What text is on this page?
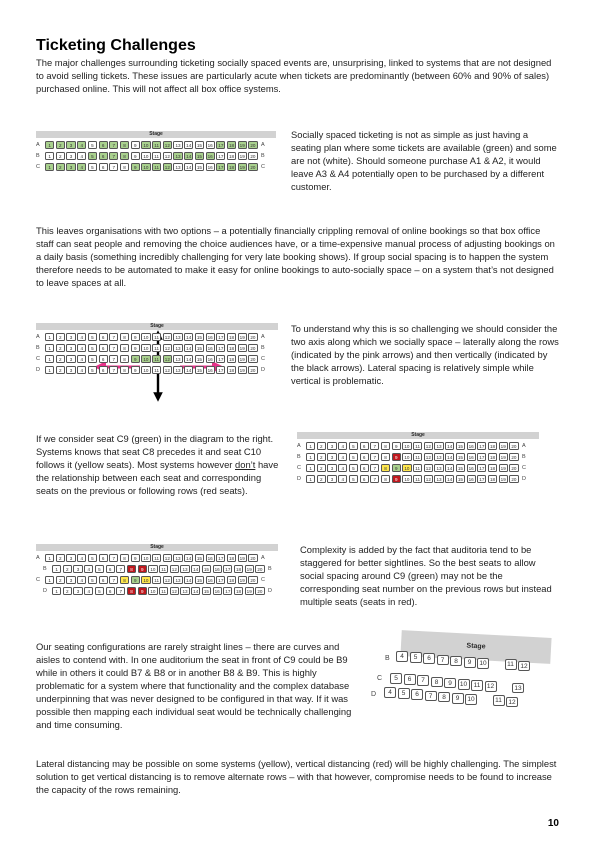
Ticketing Challenges
The major challenges surrounding ticketing socially spaced events are, unsurprising, linked to systems that are not designed to avoid selling tickets. These issues are particularly acute when tickets are predominantly (between 60% and 90% of sales) purchased online. This will not affect all box office systems.
Socially spaced ticketing is not as simple as just having a seating plan where some tickets are available (green) and some are not (white). Should someone purchase A1 & A2, it would leave A3 & A4 potentially open to be purchased by a different customer.
This leaves organisations with two options – a potentially financially crippling removal of online bookings so that box office staff can seat people and removing the choice audiences have, or a time-expensive manual process of adjusting bookings on a daily basis (something incredibly challenging for very late booking shows). If group social spacing is to happen the system therefore needs to be automated to make it easy for online bookings to auto-socially space – on a system that’s not designed to leave spaces at all.
To understand why this is so challenging we should consider the two axis along which we socially space – laterally along the rows (indicated by the pink arrows) and then vertically (indicated by the black arrows). Lateral spacing is relatively simple while vertical is problematic.
If we consider seat C9 (green) in the diagram to the right. Systems knows that seat C8 precedes it and seat C10 follows it (yellow seats). Most systems however don’t have the relationship between each seat and corresponding seats on the previous or following rows (red seats).
Complexity is added by the fact that auditoria tend to be staggered for better sightlines. So the best seats to allow social spacing around C9 (green) may not be the corresponding seat number on the previous rows but instead multiple seats (seats in red).
Our seating configurations are rarely straight lines – there are curves and aisles to contend with. In one auditorium the seat in front of C9 could be B9 while in others it could B7 & B8 or in another B8 & B9. This is highly problematic for a system where that functionality and the complex database underpinning that was never designed to be configured in that way. If it was possible then mapping each individual seat would be technically challenging and time consuming.
Stage
Lateral distancing may be possible on some systems (yellow), vertical distancing (red) will be highly challenging. The simplest solution to get vertical distancing is to remove alternate rows – with that however, compromise needs to be found to increase the capacity of the rows remaining.
10
Stage
A	1	2	3	4	5	6	7	8	9	10	11	12	13	14	15	16	17	18	19	20	A
B	1	2	3	4	5	6	7	8	9	10	11	12	13	14	15	16	17	18	19	20	B
C	1	2	3	4	5	6	7	8	9	10	11	12	13	14	15	16	17	18	19	20	C
Stage
A	1	2	3	4	5	6	7	8	9	10	11	12	13	14	15	16	17	18	19	20	A
B	1	2	3	4	5	6	7	8	9	10	11	12	13	14	15	16	17	18	19	20	B
C	1	2	3	4	5	6	7	8	9	10	11	12	13	14	15	16	17	18	19	20	C
D	1	2	3	4	5	6	7	8	9	10	11	12	13	14	15	16	17	18	19	20	D
Stage
A	1	2	3	4	5	6	7	8	9	10	11	12	13	14	15	16	17	18	19	20	A
B	1	2	3	4	5	6	7	8	9	10	11	12	13	14	15	16	17	18	19	20	B
C	1	2	3	4	5	6	7	8	9	10	11	12	13	14	15	16	17	18	19	20	C
D	1	2	3	4	5	6	7	8	9	10	11	12	13	14	15	16	17	18	19	20	D
Stage
A	1	2	3	4	5	6	7	8	9	10	11	12	13	14	15	16	17	18	19	20	A
B	1	2	3	4	5	6	7	8	9	10	11	12	13	14	15	16	17	18	19	20	B
C	1	2	3	4	5	6	7	8	9	10	11	12	13	14	15	16	17	18	19	20	C
D	1	2	3	4	5	6	7	8	9	10	11	12	13	14	15	16	17	18	19	20	D
B	4	5	6	7	8	9	10	11	12
C	5	6	7	8	9	10	11	12	13
D	4	5	6	7	8	9	10	11	12
